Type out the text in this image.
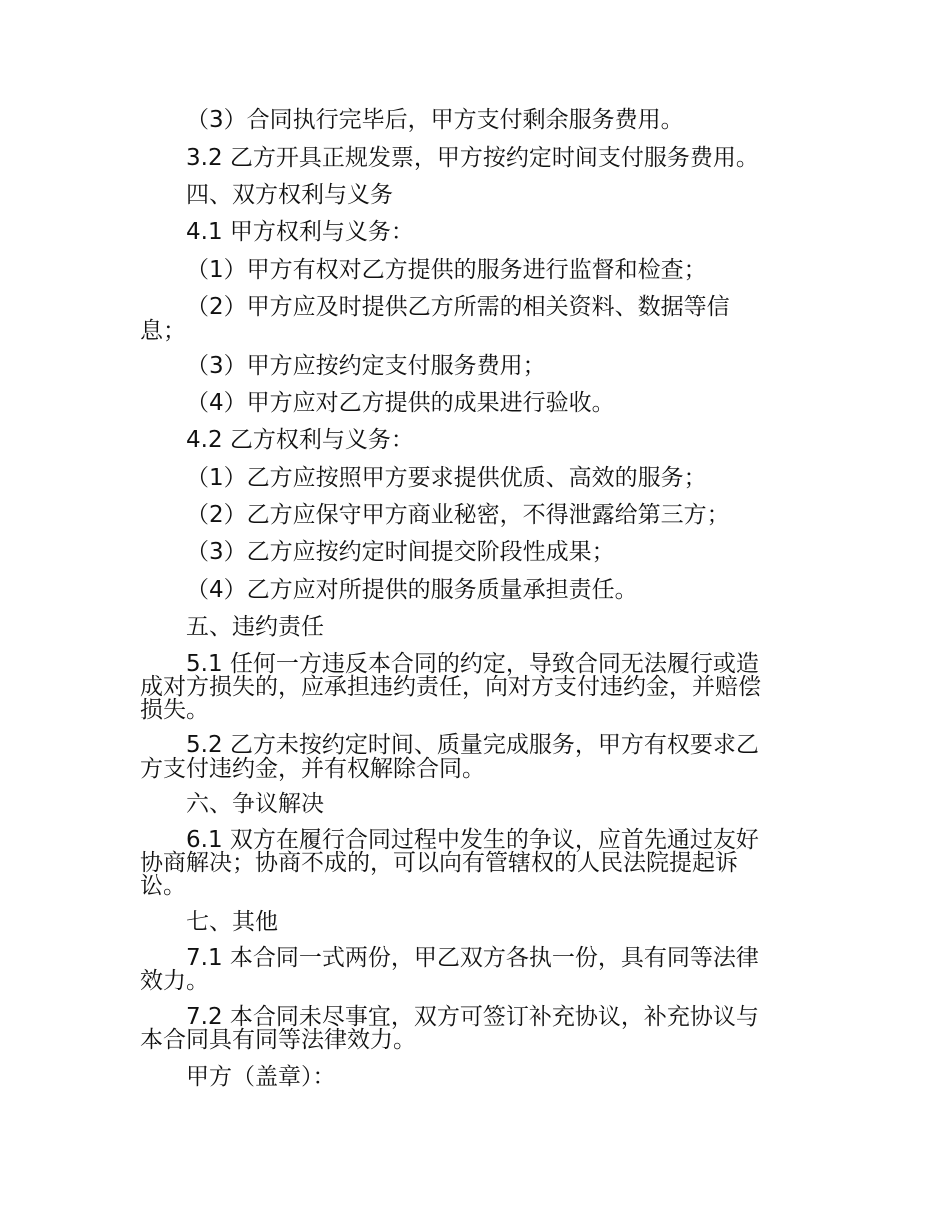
（3）合同执行完毕后，甲方支付剩余服务费用。
3.2 乙方开具正规发票，甲方按约定时间支付服务费用。
四、双方权利与义务
4.1 甲方权利与义务：
（1）甲方有权对乙方提供的服务进行监督和检查；
（2）甲方应及时提供乙方所需的相关资料、数据等信
息；
（3）甲方应按约定支付服务费用；
（4）甲方应对乙方提供的成果进行验收。
4.2 乙方权利与义务：
（1）乙方应按照甲方要求提供优质、高效的服务；
（2）乙方应保守甲方商业秘密，不得泄露给第三方；
（3）乙方应按约定时间提交阶段性成果；
（4）乙方应对所提供的服务质量承担责任。
五、违约责任
5.1 任何一方违反本合同的约定，导致合同无法履行或造
成对方损失的，应承担违约责任，向对方支付违约金，并赔偿
损失。
5.2 乙方未按约定时间、质量完成服务，甲方有权要求乙
方支付违约金，并有权解除合同。
六、争议解决
6.1 双方在履行合同过程中发生的争议，应首先通过友好
协商解决；协商不成的，可以向有管辖权的人民法院提起诉
讼。
七、其他
7.1 本合同一式两份，甲乙双方各执一份，具有同等法律
效力。
7.2 本合同未尽事宜，双方可签订补充协议，补充协议与
本合同具有同等法律效力。
甲方（盖章）：
